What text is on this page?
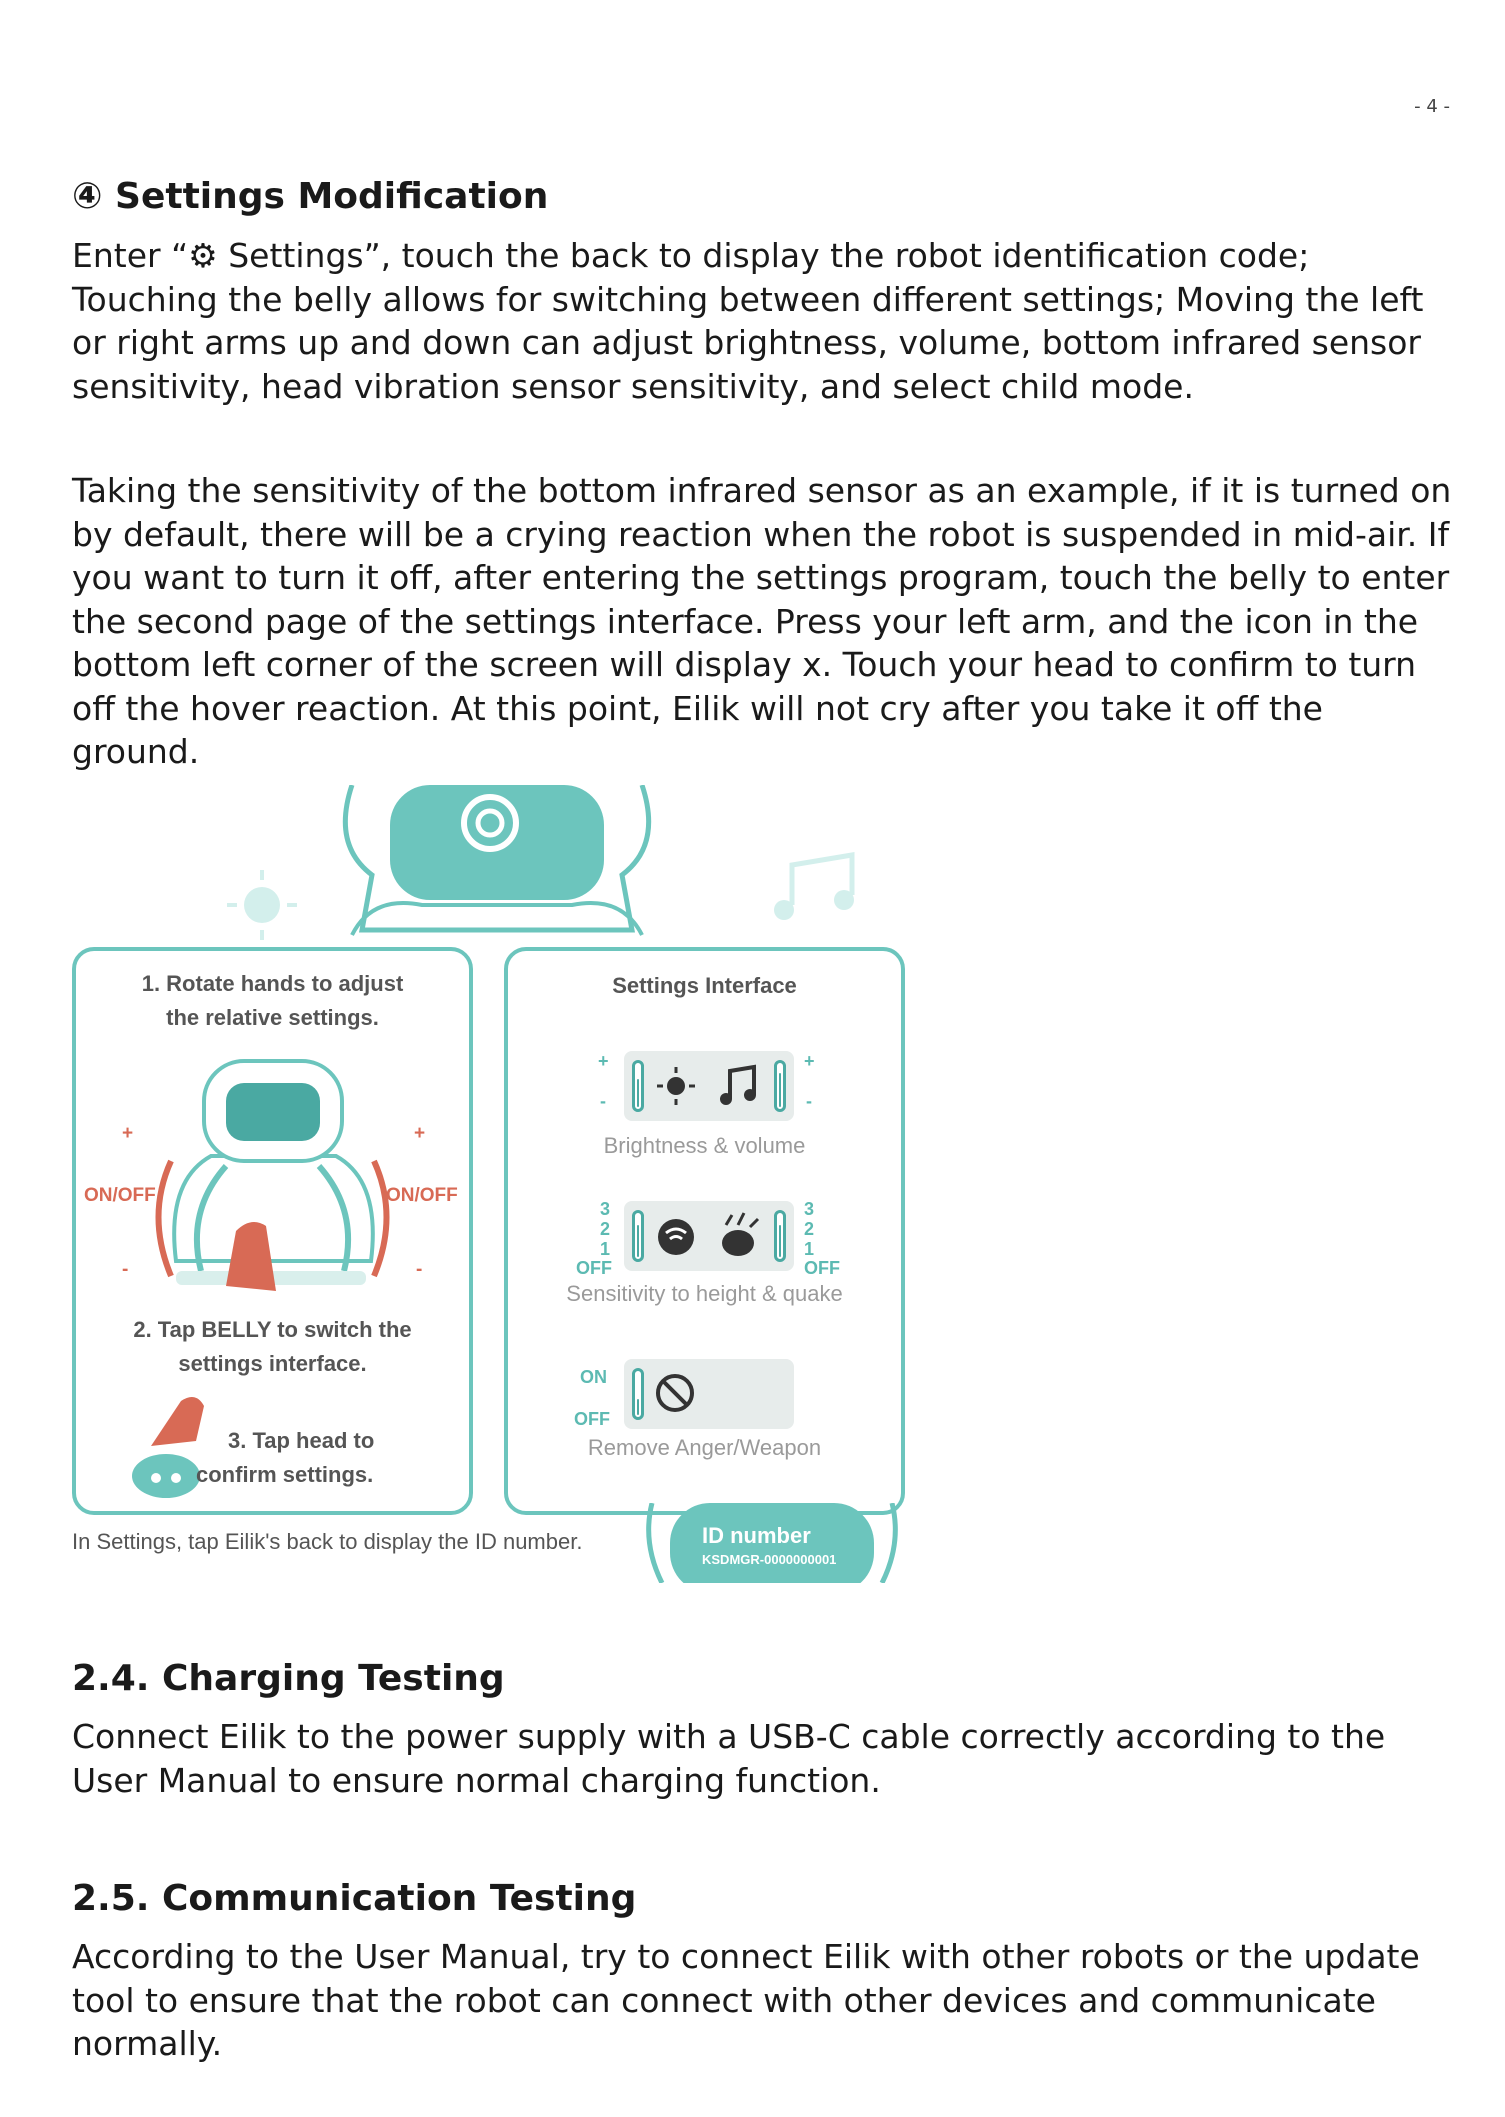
- 4 -
④ Settings Modification

Enter “⚙ Settings”, touch the back to display the robot identification code; Touching the belly allows for switching between different settings; Moving the left or right arms up and down can adjust brightness, volume, bottom infrared sensor sensitivity, head vibration sensor sensitivity, and select child mode.

Taking the sensitivity of the bottom infrared sensor as an example, if it is turned on by default, there will be a crying reaction when the robot is suspended in mid-air. If you want to turn it off, after entering the settings program, touch the belly to enter the second page of the settings interface. Press your left arm, and the icon in the bottom left corner of the screen will display x. Touch your head to confirm to turn off the hover reaction. At this point, Eilik will not cry after you take it off the ground.

1. Rotate hands to adjust
the relative settings.
ON/OFF	ON/OFF
+	+
-	-
2. Tap BELLY to switch the
settings interface.
3. Tap head to
confirm settings.
Settings Interface
+	+
-	-
Brightness & volume
3
2
1
OFF
3
2
1
OFF
Sensitivity to height & quake
ON
OFF
Remove Anger/Weapon
In Settings, tap Eilik's back to display the ID number.	ID number
KSDMGR-0000000001
2.4. Charging Testing

Connect Eilik to the power supply with a USB-C cable correctly according to the User Manual to ensure normal charging function.

2.5. Communication Testing

According to the User Manual, try to connect Eilik with other robots or the update tool to ensure that the robot can connect with other devices and communicate normally.
